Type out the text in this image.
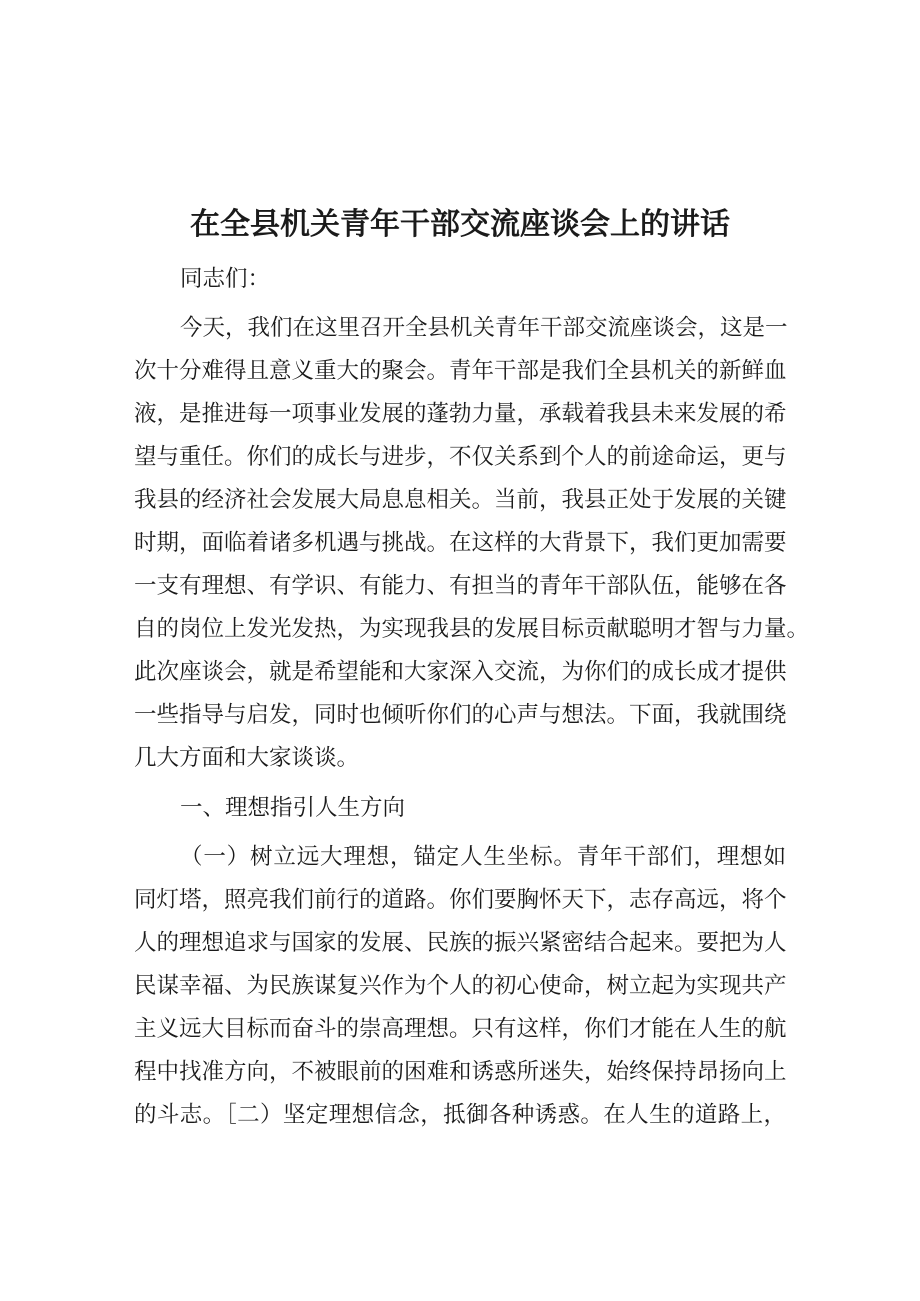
在全县机关青年干部交流座谈会上的讲话

同志们：

今天，我们在这里召开全县机关青年干部交流座谈会，这是一

次十分难得且意义重大的聚会。青年干部是我们全县机关的新鲜血

液，是推进每一项事业发展的蓬勃力量，承载着我县未来发展的希

望与重任。你们的成长与进步，不仅关系到个人的前途命运，更与

我县的经济社会发展大局息息相关。当前，我县正处于发展的关键

时期，面临着诸多机遇与挑战。在这样的大背景下，我们更加需要

一支有理想、有学识、有能力、有担当的青年干部队伍，能够在各

自的岗位上发光发热，为实现我县的发展目标贡献聪明才智与力量。

此次座谈会，就是希望能和大家深入交流，为你们的成长成才提供

一些指导与启发，同时也倾听你们的心声与想法。下面，我就围绕

几大方面和大家谈谈。

一、理想指引人生方向

（一）树立远大理想，锚定人生坐标。青年干部们，理想如

同灯塔，照亮我们前行的道路。你们要胸怀天下，志存高远，将个

人的理想追求与国家的发展、民族的振兴紧密结合起来。要把为人

民谋幸福、为民族谋复兴作为个人的初心使命，树立起为实现共产

主义远大目标而奋斗的崇高理想。只有这样，你们才能在人生的航

程中找准方向，不被眼前的困难和诱惑所迷失，始终保持昂扬向上

的斗志。［二）坚定理想信念，抵御各种诱惑。在人生的道路上，
